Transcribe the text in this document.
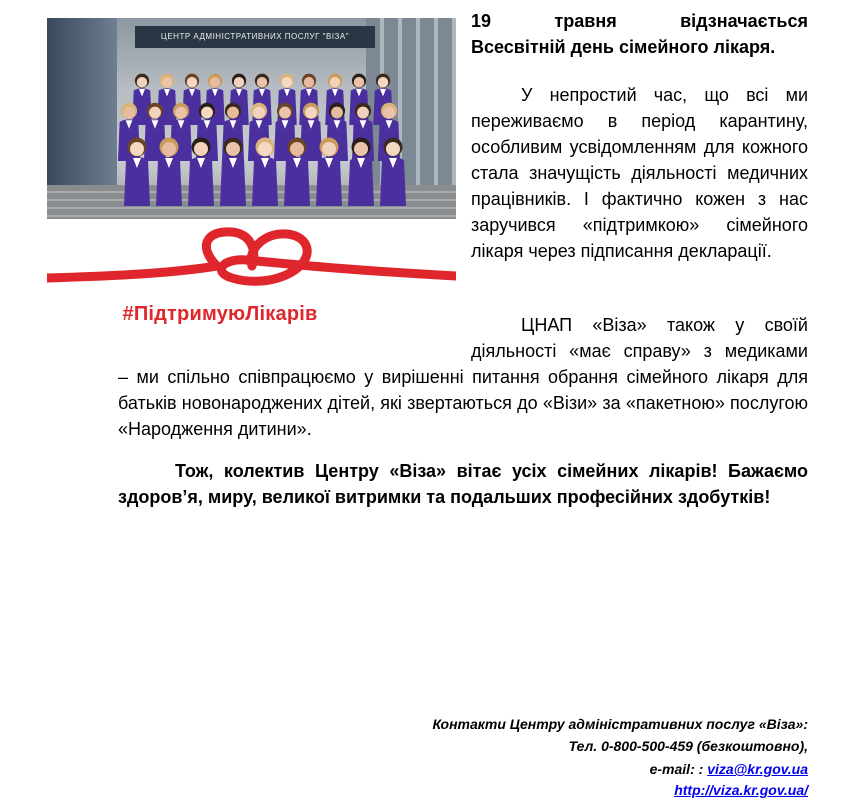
ЦЕНТР АДМІНІСТРАТИВНИХ ПОСЛУГ "ВІЗА"
#ПідтримуюЛікарів

19 травня відзначається

Всесвітній день сімейного лікаря.

У непростий час, що всі ми переживаємо в період карантину, особливим усвідомленням для кожного стала значущість діяльності медичних працівників. І фактично кожен з нас заручився «підтримкою» сімейного лікаря через підписання декларації.

ЦНАП «Віза» також у своїй діяльності «має справу» з медиками

– ми спільно співпрацюємо у вирішенні питання обрання сімейного лікаря для батьків новонароджених дітей, які звертаються до «Візи» за «пакетною» послугою «Народження дитини».

Тож, колектив Центру «Віза» вітає усіх сімейних лікарів! Бажаємо здоров’я, миру, великої витримки та подальших професійних здобутків!

Контакти Центру адміністративних послуг «Віза»:
Тел. 0-800-500-459 (безкоштовно),
e-mail: : viza@kr.gov.ua
http://viza.kr.gov.ua/
